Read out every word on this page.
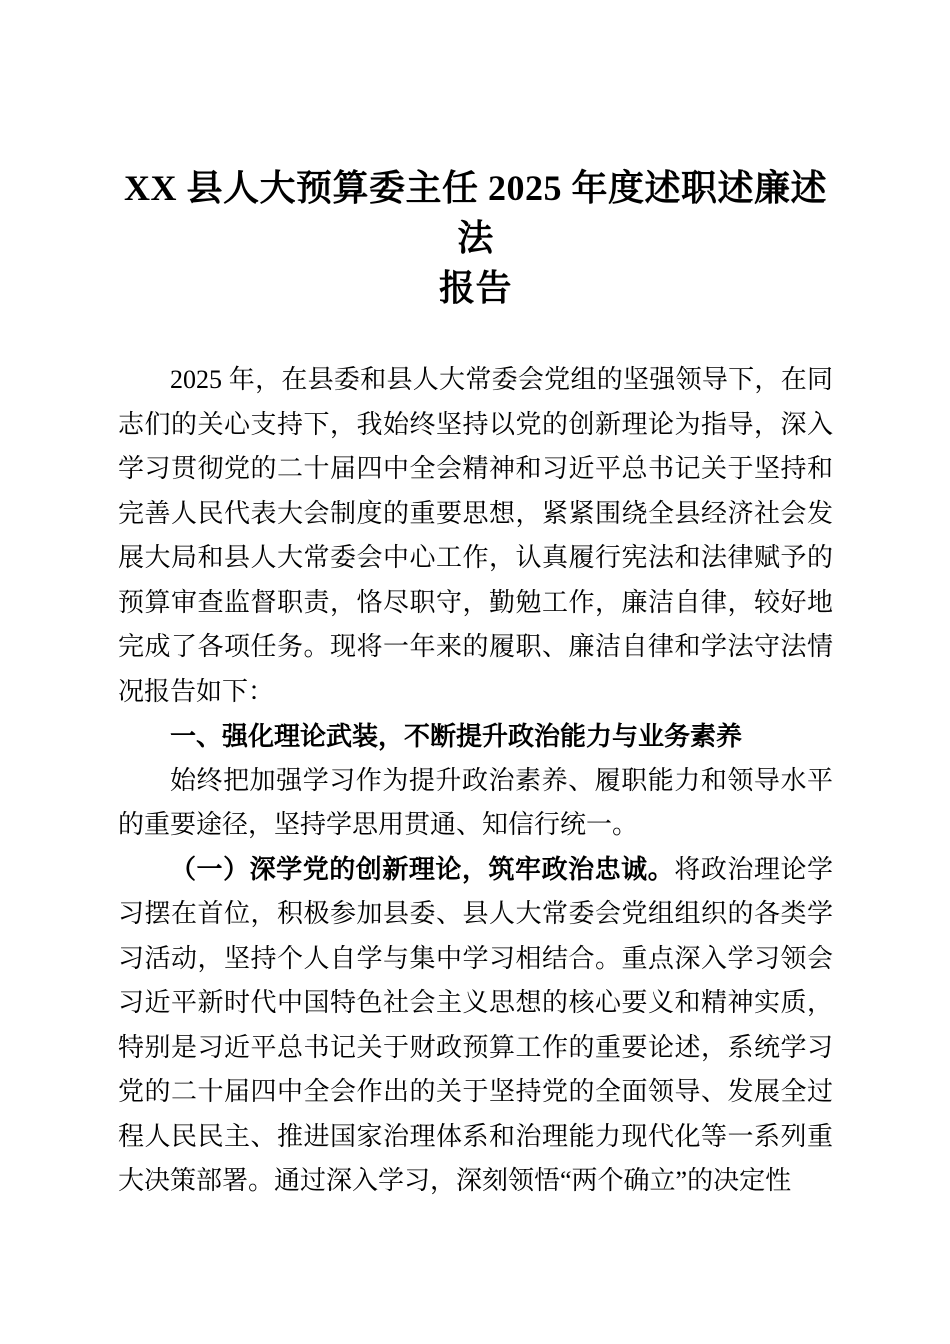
XX 县人大预算委主任 2025 年度述职述廉述法
报告

2025 年，在县委和县人大常委会党组的坚强领导下，在同志们的关心支持下，我始终坚持以党的创新理论为指导，深入学习贯彻党的二十届四中全会精神和习近平总书记关于坚持和完善人民代表大会制度的重要思想，紧紧围绕全县经济社会发展大局和县人大常委会中心工作，认真履行宪法和法律赋予的预算审查监督职责，恪尽职守，勤勉工作，廉洁自律，较好地完成了各项任务。现将一年来的履职、廉洁自律和学法守法情况报告如下：

一、强化理论武装，不断提升政治能力与业务素养

始终把加强学习作为提升政治素养、履职能力和领导水平的重要途径，坚持学思用贯通、知信行统一。

（一）深学党的创新理论，筑牢政治忠诚。将政治理论学习摆在首位，积极参加县委、县人大常委会党组组织的各类学习活动，坚持个人自学与集中学习相结合。重点深入学习领会习近平新时代中国特色社会主义思想的核心要义和精神实质，特别是习近平总书记关于财政预算工作的重要论述，系统学习党的二十届四中全会作出的关于坚持党的全面领导、发展全过程人民民主、推进国家治理体系和治理能力现代化等一系列重大决策部署。通过深入学习，深刻领悟“两个确立”的决定性
